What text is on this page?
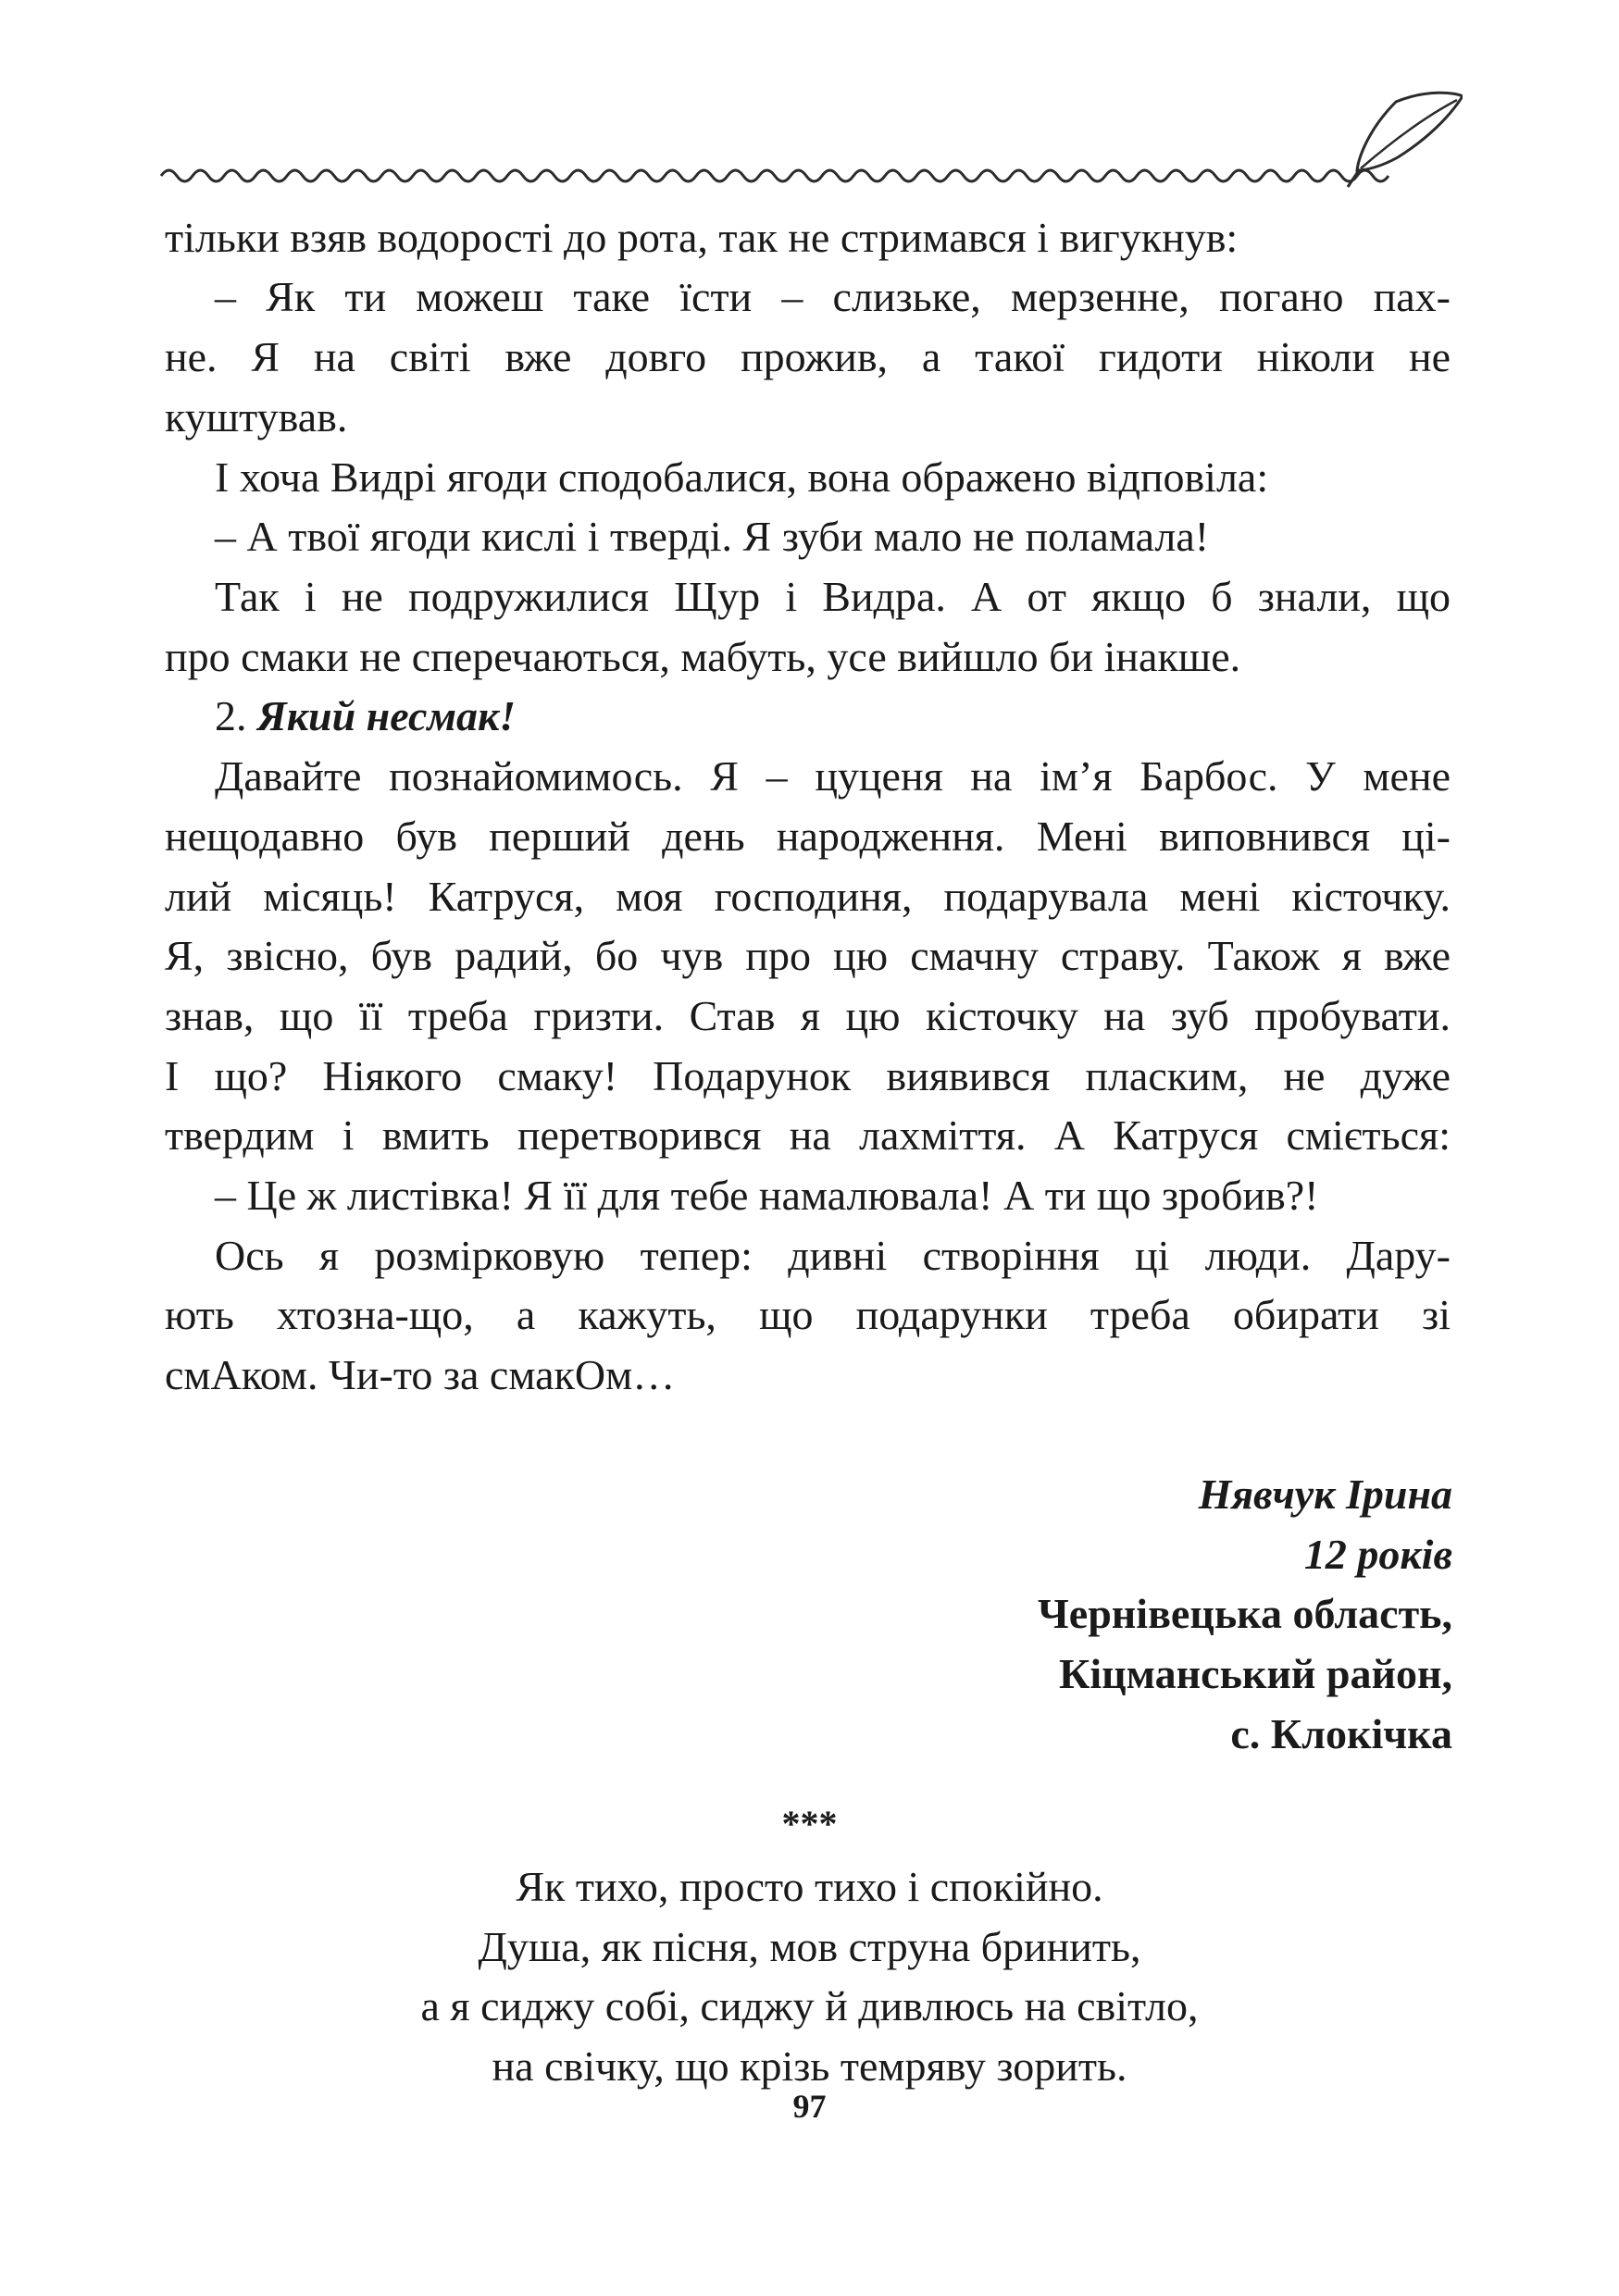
тільки взяв водорості до рота, так не стримався і вигукнув:
– Як ти можеш таке їсти – слизьке, мерзенне, погано пах-
не. Я на світі вже довго прожив, а такої гидоти ніколи не
куштував.
І хоча Видрі ягоди сподобалися, вона ображено відповіла:
– А твої ягоди кислі і тверді. Я зуби мало не поламала!
Так і не подружилися Щур і Видра. А от якщо б знали, що
про смаки не сперечаються, мабуть, усе вийшло би інакше.
2. Який несмак!
Давайте познайомимось. Я – цуценя на ім’я Барбос. У мене
нещодавно був перший день народження. Мені виповнився ці-
лий місяць! Катруся, моя господиня, подарувала мені кісточку.
Я, звісно, був радий, бо чув про цю смачну страву. Також я вже
знав, що її треба гризти. Став я цю кісточку на зуб пробувати.
І що? Ніякого смаку! Подарунок виявився пласким, не дуже
твердим і вмить перетворився на лахміття. А Катруся сміється:
– Це ж листівка! Я її для тебе намалювала! А ти що зробив?!
Ось я розмірковую тепер: дивні створіння ці люди. Дару-
ють хтозна-що, а кажуть, що подарунки треба обирати зі
смАком. Чи-то за смакОм…
Нявчук Ірина
12 років
Чернівецька область,
Кіцманський район,
с. Клокічка
***
Як тихо, просто тихо і спокійно.
Душа, як пісня, мов струна бринить,
а я сиджу собі, сиджу й дивлюсь на світло,
на свічку, що крізь темряву зорить.
97
